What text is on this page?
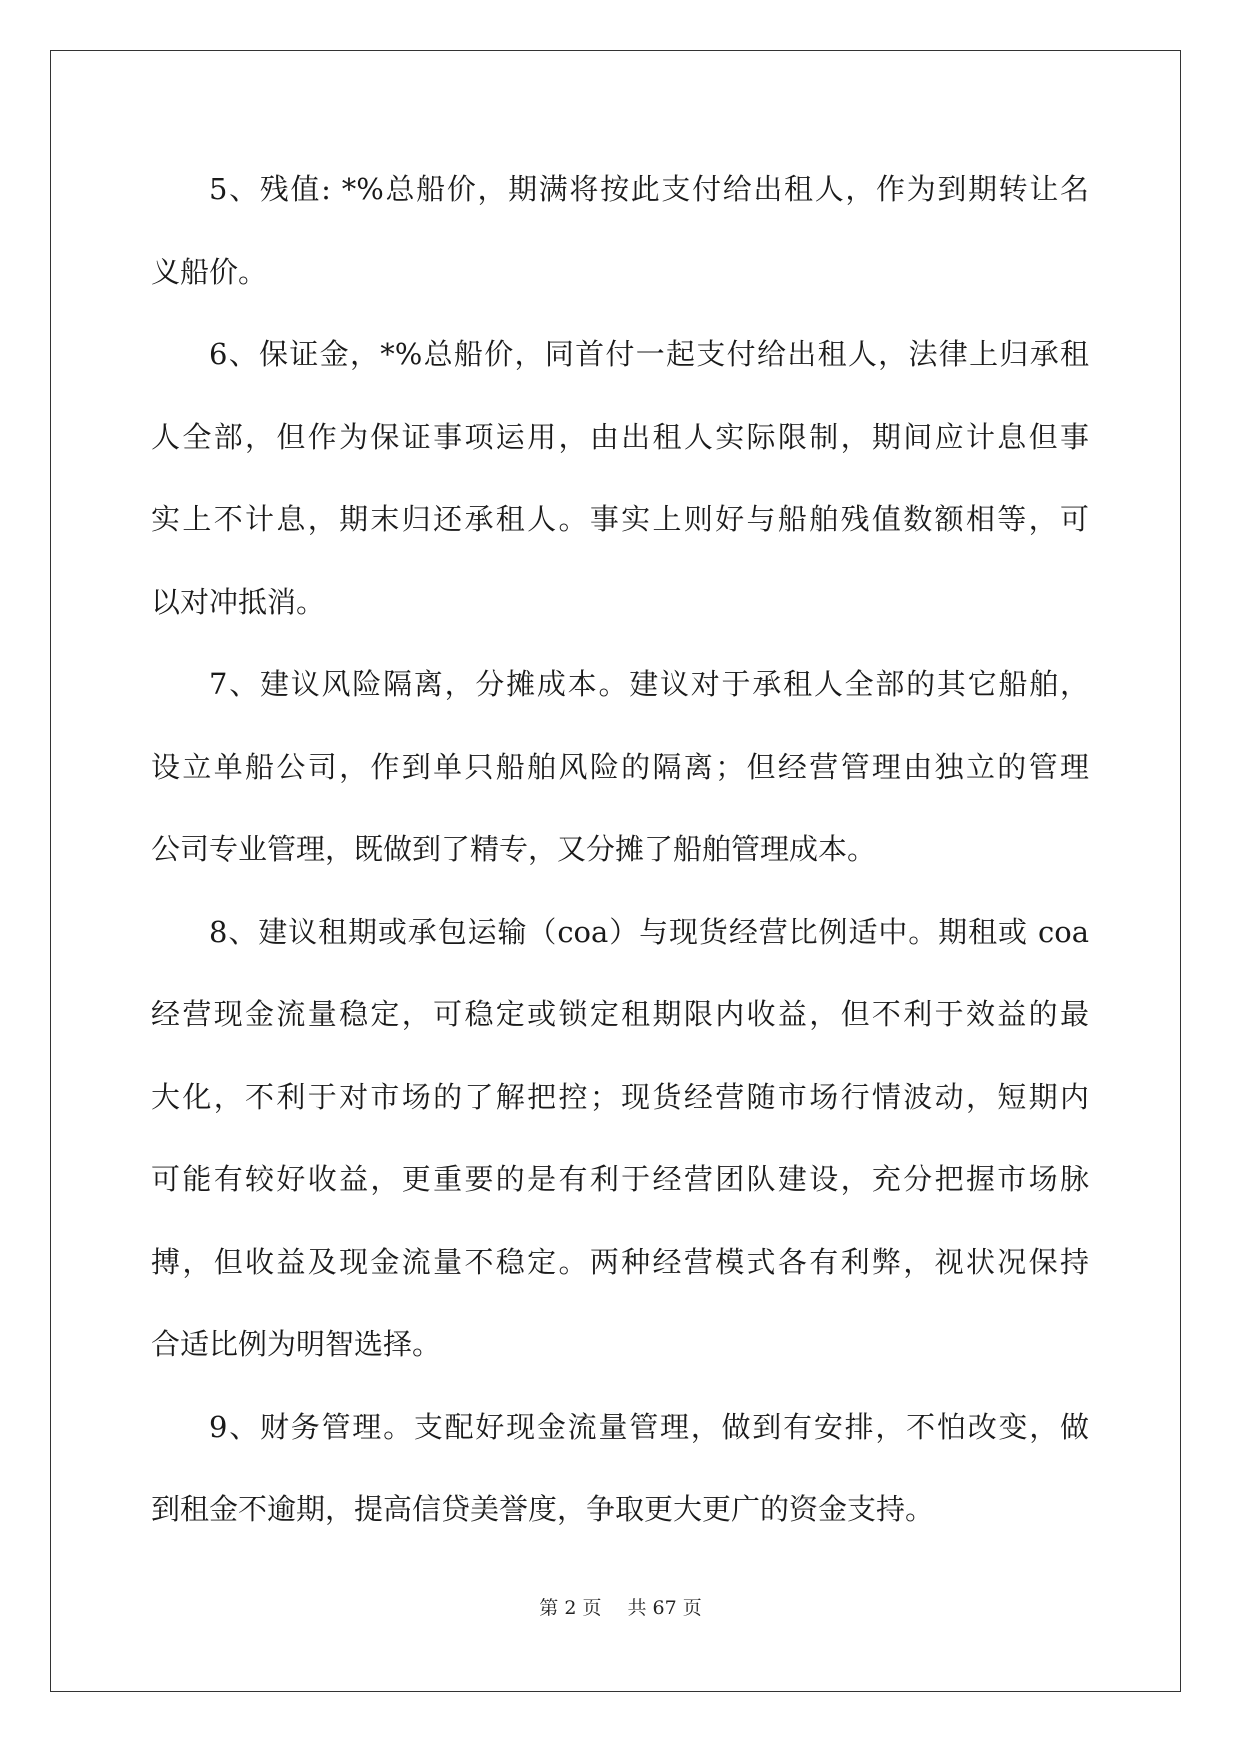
5、残值: *%总船价，期满将按此支付给出租人，作为到期转让名
义船价。
6、保证金，*%总船价，同首付一起支付给出租人，法律上归承租
人全部，但作为保证事项运用，由出租人实际限制，期间应计息但事
实上不计息，期末归还承租人。事实上则好与船舶残值数额相等，可
以对冲抵消。
7、建议风险隔离，分摊成本。建议对于承租人全部的其它船舶，
设立单船公司，作到单只船舶风险的隔离；但经营管理由独立的管理
公司专业管理，既做到了精专，又分摊了船舶管理成本。
8、建议租期或承包运输（coa）与现货经营比例适中。期租或 coa
经营现金流量稳定，可稳定或锁定租期限内收益，但不利于效益的最
大化，不利于对市场的了解把控；现货经营随市场行情波动，短期内
可能有较好收益，更重要的是有利于经营团队建设，充分把握市场脉
搏，但收益及现金流量不稳定。两种经营模式各有利弊，视状况保持
合适比例为明智选择。
9、财务管理。支配好现金流量管理，做到有安排，不怕改变，做
到租金不逾期，提高信贷美誉度，争取更大更广的资金支持。
第 2 页 共 67 页
